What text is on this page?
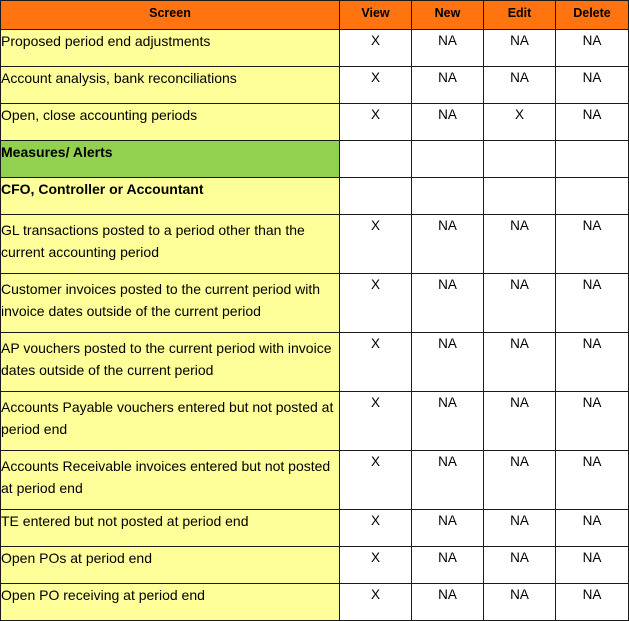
Screen	View	New	Edit	Delete
Proposed period end adjustments	X	NA	NA	NA
Account analysis, bank reconciliations	X	NA	NA	NA
Open, close accounting periods	X	NA	X	NA
Measures/ Alerts				
CFO, Controller or Accountant				
GL transactions posted to a period other than the current accounting period	X	NA	NA	NA
Customer invoices posted to the current period with invoice dates outside of the current period	X	NA	NA	NA
AP vouchers posted to the current period with invoice dates outside of the current period	X	NA	NA	NA
Accounts Payable vouchers entered but not posted at period end	X	NA	NA	NA
Accounts Receivable invoices entered but not posted at period end	X	NA	NA	NA
TE entered but not posted at period end	X	NA	NA	NA
Open POs at period end	X	NA	NA	NA
Open PO receiving at period end	X	NA	NA	NA
